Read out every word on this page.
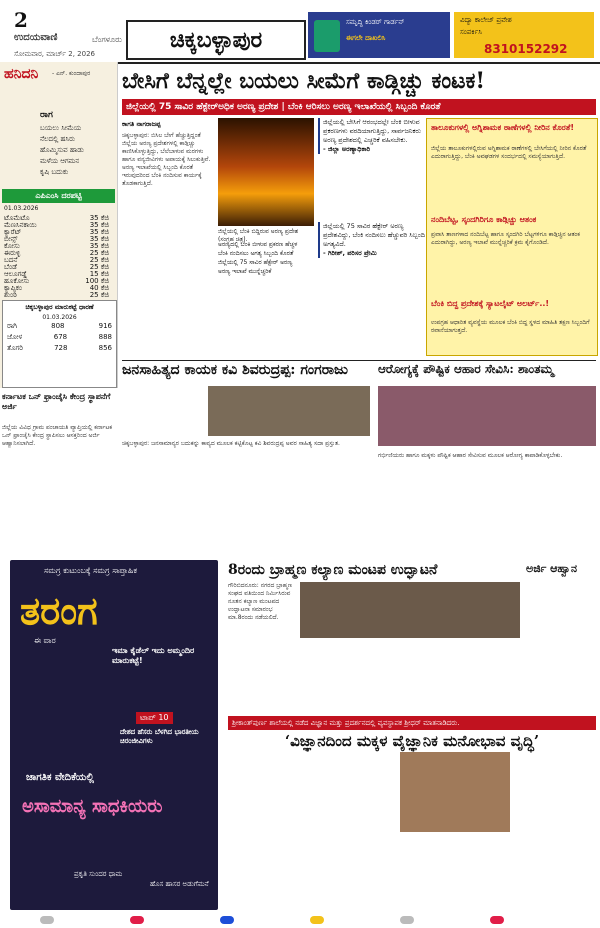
2
ಉದಯವಾಣಿ	ಬೆಂಗಳೂರು
ಸೋಮವಾರ, ಮಾರ್ಚ್ 2, 2026
ಚಿಕ್ಕಬಳ್ಳಾಪುರ
ಸಮೃದ್ಧಿ ಕಿಂಡರ್ ಗಾರ್ಡನ್
ಈಗಲೇ ದಾಖಲಿಸಿ
ವಿದ್ಯಾ ಕಾಲೇಜ್ ಪ್ರವೇಶ
ಸಂಪರ್ಕಿಸಿ
8310152292
ಹನಿದನಿ - ಎನ್. ಕುಂದಾಪುರ
ರಾಗ
ಬಯಲು ಸೀಮೆಯ
ನೆಲದಲ್ಲಿ ಹಸಿರು
ಹೊಮ್ಮಿಸುವ ಹಾಡು
ಮಳೆಯ ಆಗಮನ
ಕೃಷಿ ಬದುಕು
ಎಪಿಎಂಸಿ ದರಪಟ್ಟಿ
01.03.2026
ಟೊಮೆಟೊ	35 ಕೆಜಿ
ಮೆಣಸಿನಕಾಯಿ	35 ಕೆಜಿ
ಕ್ಯಾರೆಟ್	35 ಕೆಜಿ
ಬೀನ್ಸ್	35 ಕೆಜಿ
ಕೋಸು	35 ಕೆಜಿ
ಈರುಳ್ಳಿ	25 ಕೆಜಿ
ಬದನೆ	25 ಕೆಜಿ
ಬೆಂಡೆ	25 ಕೆಜಿ
ಆಲೂಗಡ್ಡೆ	15 ಕೆಜಿ
ಹೂಕೋಸು	100 ಕೆಜಿ
ಕ್ಯಾಪ್ಸಿಕಂ	40 ಕೆಜಿ
ಶುಂಠಿ	25 ಕೆಜಿ
ಚಿಕ್ಕಬಳ್ಳಾಪುರ ಮಾರುಕಟ್ಟೆ ಧಾರಣೆ
01.03.2026
ರಾಗಿ	808	916
ಜೋಳ	678	888
ತೊಗರಿ	728	856
ಬೇಸಿಗೆ ಬೆನ್ನಲ್ಲೇ ಬಯಲು ಸೀಮೆಗೆ ಕಾಡ್ಗಿಚ್ಚು ಕಂಟಕ!
ಜಿಲ್ಲೆಯಲ್ಲಿ 75 ಸಾವಿರ ಹೆಕ್ಟೇರ್‌ಅಧಿಕ ಅರಣ್ಯ ಪ್ರದೇಶ | ಬೆಂಕಿ ಆರಿಸಲು ಅರಣ್ಯ ಇಲಾಖೆಯಲ್ಲಿ ಸಿಬ್ಬಂದಿ ಕೊರತೆ
ಕಾಗತಿ ನಾಗರಾಜಪ್ಪ
ಚಿಕ್ಕಬಳ್ಳಾಪುರ: ಬಿಸಿಲ ಬೇಗೆ ಹೆಚ್ಚುತ್ತಿದ್ದಂತೆ ಜಿಲ್ಲೆಯ ಅರಣ್ಯ ಪ್ರದೇಶಗಳಲ್ಲಿ ಕಾಡ್ಗಿಚ್ಚು ಕಾಣಿಸಿಕೊಳ್ಳುತ್ತಿದ್ದು, ಬೆಲೆಬಾಳುವ ಮರಗಳು ಹಾಗೂ ವನ್ಯಜೀವಿಗಳು ಅಪಾಯಕ್ಕೆ ಸಿಲುಕುತ್ತಿವೆ. ಅರಣ್ಯ ಇಲಾಖೆಯಲ್ಲಿ ಸಿಬ್ಬಂದಿ ಕೊರತೆ ಇರುವುದರಿಂದ ಬೆಂಕಿ ನಂದಿಸುವ ಕಾರ್ಯಕ್ಕೆ ತೊಡಕಾಗುತ್ತಿದೆ.
ಜಿಲ್ಲೆಯಲ್ಲಿ ಬೆಂಕಿ ಬಿದ್ದಿರುವ ಅರಣ್ಯ ಪ್ರದೇಶ (ಸಂಗ್ರಹ ಚಿತ್ರ).
ಅರಣ್ಯದಲ್ಲಿ ಬೆಂಕಿ ಬೀಳುವ ಪ್ರಕರಣ ಹೆಚ್ಚಳ
ಬೆಂಕಿ ನಂದಿಸಲು ಅಗತ್ಯ ಸಿಬ್ಬಂದಿ ಕೊರತೆ
ಜಿಲ್ಲೆಯಲ್ಲಿ 75 ಸಾವಿರ ಹೆಕ್ಟೇರ್ ಅರಣ್ಯ
ಅರಣ್ಯ ಇಲಾಖೆ ಮುನ್ನೆಚ್ಚರಿಕೆ
ಜಿಲ್ಲೆಯಲ್ಲಿ ಬೇಸಿಗೆ ಆರಂಭದಲ್ಲೇ ಬೆಂಕಿ ಬೀಳುವ ಪ್ರಕರಣಗಳು ವರದಿಯಾಗುತ್ತಿದ್ದು, ಸಾರ್ವಜನಿಕರು ಅರಣ್ಯ ಪ್ರದೇಶದಲ್ಲಿ ಎಚ್ಚರಿಕೆ ವಹಿಸಬೇಕು.
- ಜಿಲ್ಲಾ ಅರಣ್ಯಾಧಿಕಾರಿ
ಜಿಲ್ಲೆಯಲ್ಲಿ 75 ಸಾವಿರ ಹೆಕ್ಟೇರ್ ಅರಣ್ಯ ಪ್ರದೇಶವಿದ್ದು, ಬೆಂಕಿ ನಂದಿಸಲು ಹೆಚ್ಚುವರಿ ಸಿಬ್ಬಂದಿ ಅಗತ್ಯವಿದೆ.
- ಗಿರೀಶ್, ಪರಿಸರ ಪ್ರೇಮಿ
ತಾಲೂಕುಗಳಲ್ಲಿ ಅಗ್ನಿಶಾಮಕ ಠಾಣೆಗಳಲ್ಲಿ ನೀರಿನ ಕೊರತೆ!
ಜಿಲ್ಲೆಯ ತಾಲೂಕುಗಳಲ್ಲಿರುವ ಅಗ್ನಿಶಾಮಕ ಠಾಣೆಗಳಲ್ಲಿ ಬೇಸಿಗೆಯಲ್ಲಿ ನೀರಿನ ಕೊರತೆ ಎದುರಾಗುತ್ತಿದ್ದು, ಬೆಂಕಿ ಅವಘಡಗಳ ಸಂದರ್ಭದಲ್ಲಿ ಸಮಸ್ಯೆಯಾಗುತ್ತಿದೆ.
ನಂದಿಬೆಟ್ಟ, ಸ್ಕಂದಗಿರಿಗೂ ಕಾಡ್ಗಿಚ್ಚು ಆತಂಕ
ಪ್ರವಾಸಿ ತಾಣಗಳಾದ ನಂದಿಬೆಟ್ಟ ಹಾಗೂ ಸ್ಕಂದಗಿರಿ ಬೆಟ್ಟಗಳಿಗೂ ಕಾಡ್ಗಿಚ್ಚಿನ ಆತಂಕ ಎದುರಾಗಿದ್ದು, ಅರಣ್ಯ ಇಲಾಖೆ ಮುನ್ನೆಚ್ಚರಿಕೆ ಕ್ರಮ ಕೈಗೊಂಡಿದೆ.
ಬೆಂಕಿ ಬಿದ್ದ ಪ್ರದೇಶಕ್ಕೆ ಸ್ಯಾಟಲೈಟ್ ಅಲರ್ಟ್..!
ಉಪಗ್ರಹ ಆಧಾರಿತ ವ್ಯವಸ್ಥೆಯ ಮೂಲಕ ಬೆಂಕಿ ಬಿದ್ದ ಸ್ಥಳದ ಮಾಹಿತಿ ತಕ್ಷಣ ಸಿಬ್ಬಂದಿಗೆ ರವಾನೆಯಾಗುತ್ತದೆ.
ಕರ್ನಾಟಕ ಒನ್ ಫ್ರಾಂಚೈಸಿ ಕೇಂದ್ರ ಸ್ಥಾಪನೆಗೆ ಅರ್ಜಿ
ಜಿಲ್ಲೆಯ ವಿವಿಧ ಗ್ರಾಮ ಪಂಚಾಯತಿ ವ್ಯಾಪ್ತಿಯಲ್ಲಿ ಕರ್ನಾಟಕ ಒನ್ ಫ್ರಾಂಚೈಸಿ ಕೇಂದ್ರ ಸ್ಥಾಪಿಸಲು ಆಸಕ್ತರಿಂದ ಅರ್ಜಿ ಆಹ್ವಾನಿಸಲಾಗಿದೆ.
ಜನಸಾಹಿತ್ಯದ ಕಾಯಕ ಕವಿ ಶಿವರುದ್ರಪ್ಪ: ಗಂಗರಾಜು
ಚಿಕ್ಕಬಳ್ಳಾಪುರ: ಜನಸಾಮಾನ್ಯರ ಬದುಕನ್ನು ಕಾವ್ಯದ ಮೂಲಕ ಕಟ್ಟಿಕೊಟ್ಟ ಕವಿ ಶಿವರುದ್ರಪ್ಪ ಅವರ ಸಾಹಿತ್ಯ ಸದಾ ಪ್ರಸ್ತುತ.
ಆರೋಗ್ಯಕ್ಕೆ ಪೌಷ್ಟಿಕ ಆಹಾರ ಸೇವಿಸಿ: ಶಾಂತಮ್ಮ
ಗರ್ಭಿಣಿಯರು ಹಾಗೂ ಮಕ್ಕಳು ಪೌಷ್ಟಿಕ ಆಹಾರ ಸೇವಿಸುವ ಮೂಲಕ ಆರೋಗ್ಯ ಕಾಪಾಡಿಕೊಳ್ಳಬೇಕು.
ಸಮಗ್ರ ಕುಟುಂಬಕ್ಕೆ ಸಮಗ್ರ ಸಾಪ್ತಾಹಿಕ
ತರಂಗ
ಈ ವಾರ
ಇಮಾ ಕೈಡೆಲ್ ಇದು ಅಮ್ಮಂದಿರ ಮಾರುಕಟ್ಟೆ!
ಟಾಪ್ 10
ದೇಶದ ಹೆಸರು ಬೆಳಗಿದ ಭಾರತೀಯ ಚಿರಂಜೀವಿಗಳು
ಜಾಗತಿಕ ವೇದಿಕೆಯಲ್ಲಿ
ಅಸಾಮಾನ್ಯ ಸಾಧಕಿಯರು
ಪ್ರಕೃತಿ ಸುಂದರ ಧಾಮ
ಹೊಸ ಹಾಸರ ಅಡುಗೆಮನೆ
8ರಂದು ಬ್ರಾಹ್ಮಣ ಕಲ್ಯಾಣ ಮಂಟಪ ಉದ್ಘಾಟನೆ
ಗೌರಿಬಿದನೂರು: ನಗರದ ಬ್ರಾಹ್ಮಣ ಸಂಘದ ವತಿಯಿಂದ ನಿರ್ಮಿಸಿರುವ ನೂತನ ಕಲ್ಯಾಣ ಮಂಟಪದ ಉದ್ಘಾಟನಾ ಸಮಾರಂಭ ಮಾ.8ರಂದು ನಡೆಯಲಿದೆ.
ಅರ್ಜಿ ಆಹ್ವಾನ
ಶ್ರೀಕಾಂತ್‌ಪುರ್ಣ ಶಾಲೆಯಲ್ಲಿ ನಡೆದ ವಿಜ್ಞಾನ ಮತ್ತು ಪ್ರದರ್ಶನದಲ್ಲಿ ವ್ಯವಸ್ಥಾಪಕ ಶ್ರೀಧರ್ ಮಾತನಾಡಿದರು.
‘ವಿಜ್ಞಾನದಿಂದ ಮಕ್ಕಳ ವೈಜ್ಞಾನಿಕ ಮನೋಭಾವ ವೃದ್ಧಿ’
